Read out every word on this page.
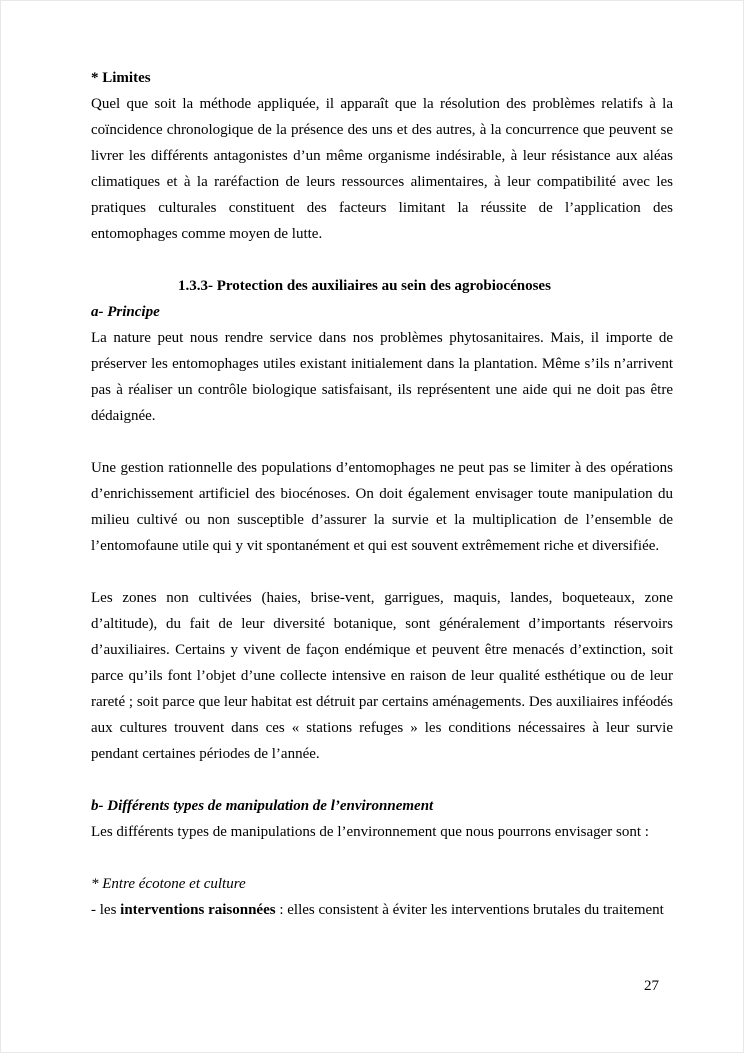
* Limites

Quel que soit la méthode appliquée, il apparaît que la résolution des problèmes relatifs à la coïncidence chronologique de la présence des uns et des autres, à la concurrence que peuvent se livrer les différents antagonistes d’un même organisme indésirable, à leur résistance aux aléas climatiques et à la raréfaction de leurs ressources alimentaires, à leur compatibilité avec les pratiques culturales constituent des facteurs limitant la réussite de l’application des entomophages comme moyen de lutte.

1.3.3- Protection des auxiliaires au sein des agrobiocénoses

a- Principe

La nature peut nous rendre service dans nos problèmes phytosanitaires. Mais, il importe de préserver les entomophages utiles existant initialement dans la plantation. Même s’ils n’arrivent pas à réaliser un contrôle biologique satisfaisant, ils représentent une aide qui ne doit pas être dédaignée.

Une gestion rationnelle des populations d’entomophages ne peut pas se limiter à des opérations d’enrichissement artificiel des biocénoses. On doit également envisager toute manipulation du milieu cultivé ou non susceptible d’assurer la survie et la multiplication de l’ensemble de l’entomofaune utile qui y vit spontanément et qui est souvent extrêmement riche et diversifiée.

Les zones non cultivées (haies, brise-vent, garrigues, maquis, landes, boqueteaux, zone d’altitude), du fait de leur diversité botanique, sont généralement d’importants réservoirs d’auxiliaires. Certains y vivent de façon endémique et peuvent être menacés d’extinction, soit parce qu’ils font l’objet d’une collecte intensive en raison de leur qualité esthétique ou de leur rareté ; soit parce que leur habitat est détruit par certains aménagements. Des auxiliaires inféodés aux cultures trouvent dans ces « stations refuges » les conditions nécessaires à leur survie pendant certaines périodes de l’année.

b- Différents types de manipulation de l’environnement

Les différents types de manipulations de l’environnement que nous pourrons envisager sont :

* Entre écotone et culture

- les interventions raisonnées : elles consistent à éviter les interventions brutales du traitement

27
